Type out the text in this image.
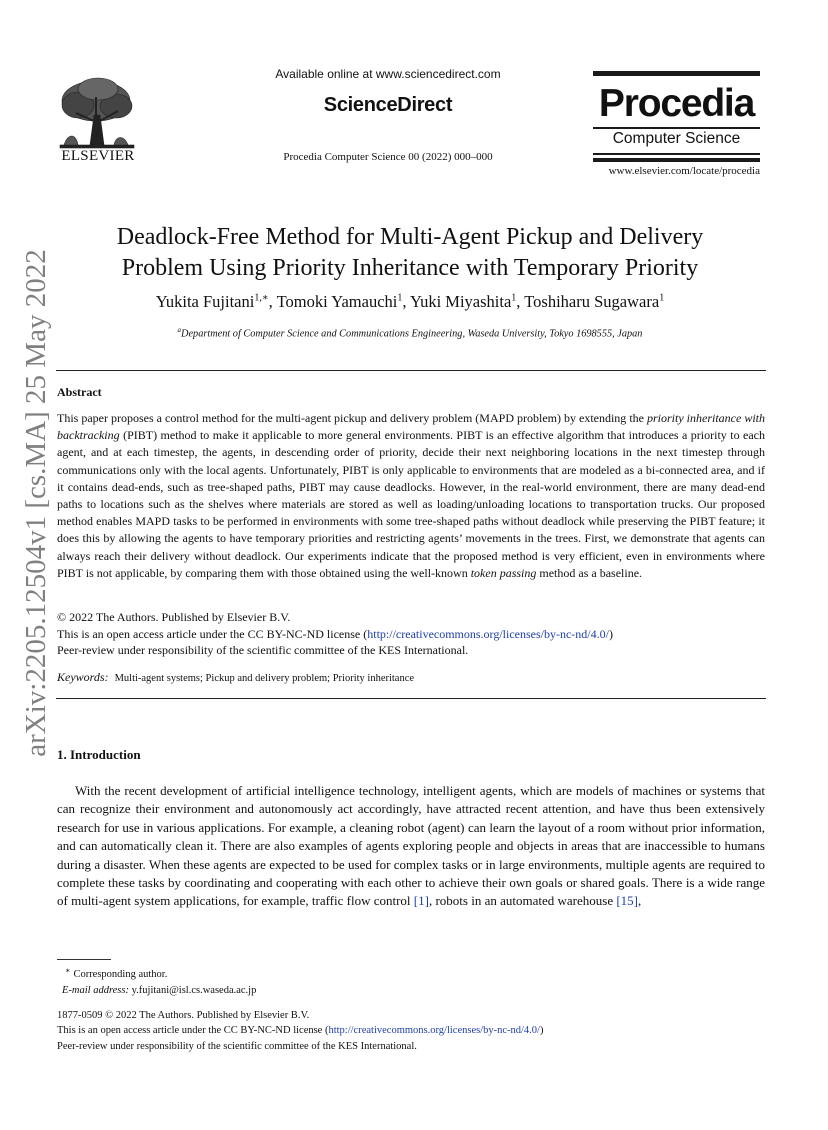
ELSEVIER
Available online at www.sciencedirect.com
ScienceDirect
Procedia Computer Science 00 (2022) 000–000
Procedia
Computer Science
www.elsevier.com/locate/procedia
arXiv:2205.12504v1 [cs.MA] 25 May 2022
Deadlock-Free Method for Multi-Agent Pickup and Delivery
Problem Using Priority Inheritance with Temporary Priority
Yukita Fujitani$^{1,∗}$, Tomoki Yamauchi$^1$, Yuki Miyashita$^1$, Toshiharu Sugawara$^1$
$^a$Department of Computer Science and Communications Engineering, Waseda University, Tokyo 1698555, Japan
Abstract
This paper proposes a control method for the multi-agent pickup and delivery problem (MAPD problem) by extending the priority inheritance with backtracking (PIBT) method to make it applicable to more general environments. PIBT is an effective algorithm that introduces a priority to each agent, and at each timestep, the agents, in descending order of priority, decide their next neighboring locations in the next timestep through communications only with the local agents. Unfortunately, PIBT is only applicable to environments that are modeled as a bi-connected area, and if it contains dead-ends, such as tree-shaped paths, PIBT may cause deadlocks. However, in the real-world environment, there are many dead-end paths to locations such as the shelves where materials are stored as well as loading/unloading locations to transportation trucks. Our proposed method enables MAPD tasks to be performed in environments with some tree-shaped paths without deadlock while preserving the PIBT feature; it does this by allowing the agents to have temporary priorities and restricting agents’ movements in the trees. First, we demonstrate that agents can always reach their delivery without deadlock. Our experiments indicate that the proposed method is very efficient, even in environments where PIBT is not applicable, by comparing them with those obtained using the well-known token passing method as a baseline.
© 2022 The Authors. Published by Elsevier B.V.
This is an open access article under the CC BY-NC-ND license (http://creativecommons.org/licenses/by-nc-nd/4.0/)
Peer-review under responsibility of the scientific committee of the KES International.
Keywords: Multi-agent systems; Pickup and delivery problem; Priority inheritance
1. Introduction
With the recent development of artificial intelligence technology, intelligent agents, which are models of machines or systems that can recognize their environment and autonomously act accordingly, have attracted recent attention, and have thus been extensively research for use in various applications. For example, a cleaning robot (agent) can learn the layout of a room without prior information, and can automatically clean it. There are also examples of agents exploring people and objects in areas that are inaccessible to humans during a disaster. When these agents are expected to be used for complex tasks or in large environments, multiple agents are required to complete these tasks by coordinating and cooperating with each other to achieve their own goals or shared goals. There is a wide range of multi-agent system applications, for example, traffic flow control [1], robots in an automated warehouse [15],
∗ Corresponding author.
E-mail address: y.fujitani@isl.cs.waseda.ac.jp
1877-0509 © 2022 The Authors. Published by Elsevier B.V.
This is an open access article under the CC BY-NC-ND license (http://creativecommons.org/licenses/by-nc-nd/4.0/)
Peer-review under responsibility of the scientific committee of the KES International.
